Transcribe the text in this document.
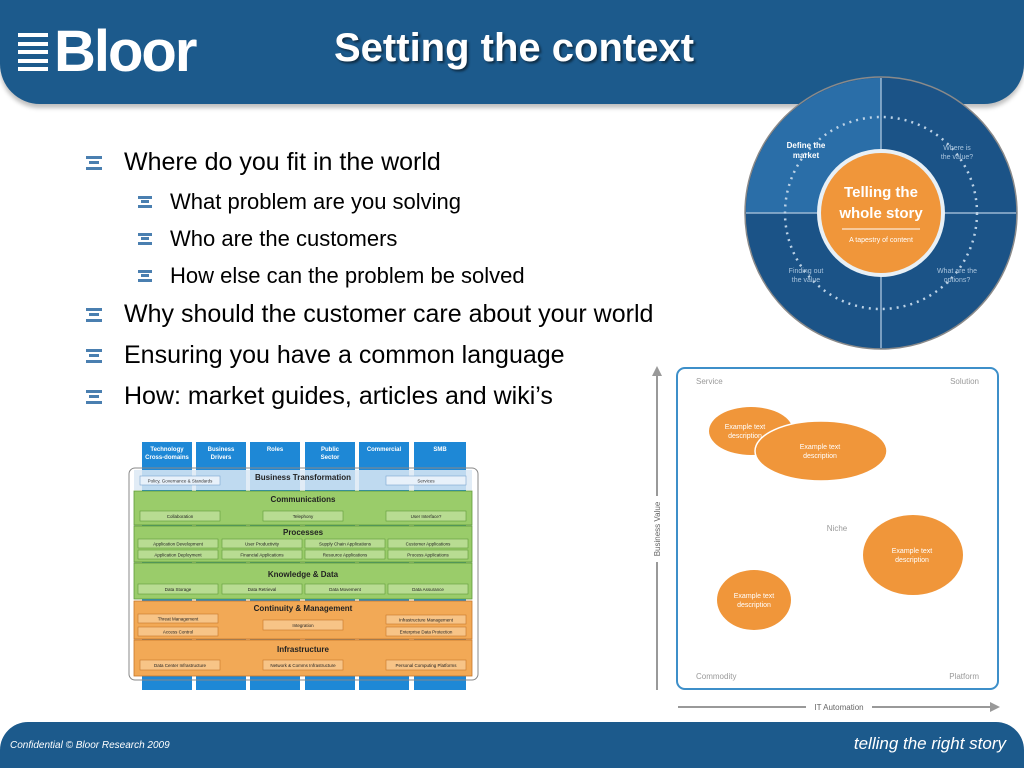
Bloor	Setting the context
Where do you fit in the world
What problem are you solving
Who are the customers
How else can the problem be solved
Why should the customer care about your world
Ensuring you have a common language
How: market guides, articles and wiki’s
Telling the
whole story
A tapestry of content
Define the
market
Where is
the value?
Finding out
the value
What are the
options?
IT Automation
Business Value
Service	Solution
Niche
Commodity	Platform
Example text
description
Example text
description
Example text
description
Example text
description
Technology
Cross-domains
Business
Drivers
Roles	Public
Sector
Commercial	SMB
Business Transformation
Policy, Governance & Standards	Services
Communications
Collaboration	Telephony	User Interface?
Processes
Application Development	User Productivity	Supply Chain Applications	Customer Applications
Application Deployment	Financial Applications	Resource Applications	Process Applications
Knowledge & Data
Data Storage	Data Retrieval	Data Movement	Data Assurance
Continuity & Management
Threat Management
Integration
Infrastructure Management
Access Control	Enterprise Data Protection
Infrastructure
Data Center Infrastructure	Network & Comms Infrastructure	Personal Computing Platforms
Confidential © Bloor Research 2009	telling the right story
